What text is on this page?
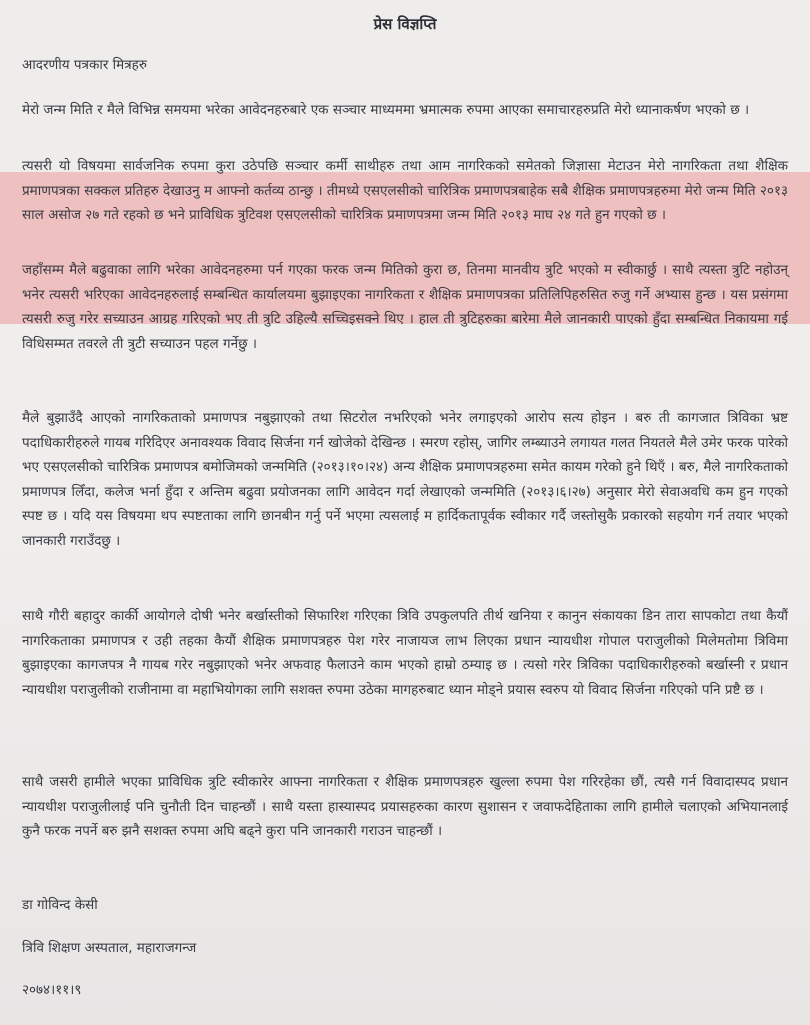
प्रेस विज्ञप्ति
आदरणीय पत्रकार मित्रहरु

मेरो जन्म मिति र मैले विभिन्न समयमा भरेका आवेदनहरुबारे एक सञ्चार माध्यममा भ्रमात्मक रुपमा आएका समाचारहरुप्रति मेरो ध्यानाकर्षण भएको छ ।

त्यसरी यो विषयमा सार्वजनिक रुपमा कुरा उठेपछि सञ्चार कर्मी साथीहरु तथा आम नागरिकको समेतको जिज्ञासा मेटाउन मेरो नागरिकता तथा शैक्षिक प्रमाणपत्रका सक्कल प्रतिहरु देखाउनु म आफ्नो कर्तव्य ठान्छु । तीमध्ये एसएलसीको चारित्रिक प्रमाणपत्रबाहेक सबै शैक्षिक प्रमाणपत्रहरुमा मेरो जन्म मिति २०१३ साल असोज २७ गते रहको छ भने प्राविधिक त्रुटिवश एसएलसीको चारित्रिक प्रमाणपत्रमा जन्म मिति २०१३ माघ २४ गते हुन गएको छ ।

जहाँसम्म मैले बढुवाका लागि भरेका आवेदनहरुमा पर्न गएका फरक जन्म मितिको कुरा छ, तिनमा मानवीय त्रुटि भएको म स्वीकार्छु । साथै त्यस्ता त्रुटि नहोउन् भनेर त्यसरी भरिएका आवेदनहरुलाई सम्बन्धित कार्यालयमा बुझाइएका नागरिकता र शैक्षिक प्रमाणपत्रका प्रतिलिपिहरुसित रुजु गर्ने अभ्यास हुन्छ । यस प्रसंगमा त्यसरी रुजु गरेर सच्याउन आग्रह गरिएको भए ती त्रुटि उहिल्यै सच्चिइसक्ने थिए । हाल ती त्रुटिहरुका बारेमा मैले जानकारी पाएको हुँदा सम्बन्धित निकायमा गई विधिसम्मत तवरले ती त्रुटी सच्याउन पहल गर्नेछु ।

मैले बुझाउँदै आएको नागरिकताको प्रमाणपत्र नबुझाएको तथा सिटरोल नभरिएको भनेर लगाइएको आरोप सत्य होइन । बरु ती कागजात त्रिविका भ्रष्ट पदाधिकारीहरुले गायब गरिदिएर अनावश्यक विवाद सिर्जना गर्न खोजेको देखिन्छ । स्मरण रहोस्, जागिर लम्ब्याउने लगायत गलत नियतले मैले उमेर फरक पारेको भए एसएलसीको चारित्रिक प्रमाणपत्र बमोजिमको जन्ममिति (२०१३।१०।२४) अन्य शैक्षिक प्रमाणपत्रहरुमा समेत कायम गरेको हुने थिएँ । बरु, मैले नागरिकताको प्रमाणपत्र लिँदा, कलेज भर्ना हुँदा र अन्तिम बढुवा प्रयोजनका लागि आवेदन गर्दा लेखाएको जन्ममिति (२०१३।६।२७) अनुसार मेरो सेवाअवधि कम हुन गएको स्पष्ट छ । यदि यस विषयमा थप स्पष्टताका लागि छानबीन गर्नु पर्ने भएमा त्यसलाई म हार्दिकतापूर्वक स्वीकार गर्दै जस्तोसुकै प्रकारको सहयोग गर्न तयार भएको जानकारी गराउँदछु ।

साथै गौरी बहादुर कार्की आयोगले दोषी भनेर बर्खास्तीको सिफारिश गरिएका त्रिवि उपकुलपति तीर्थ खनिया र कानुन संकायका डिन तारा सापकोटा तथा कैयौं नागरिकताका प्रमाणपत्र र उही तहका कैयौं शैक्षिक प्रमाणपत्रहरु पेश गरेर नाजायज लाभ लिएका प्रधान न्यायधीश गोपाल पराजुलीको मिलेमतोमा त्रिविमा बुझाइएका कागजपत्र नै गायब गरेर नबुझाएको भनेर अफवाह फैलाउने काम भएको हाम्रो ठम्याइ छ । त्यसो गरेर त्रिविका पदाधिकारीहरुको बर्खास्नी र प्रधान न्यायधीश पराजुलीको राजीनामा वा महाभियोगका लागि सशक्त रुपमा उठेका मागहरुबाट ध्यान मोड्ने प्रयास स्वरुप यो विवाद सिर्जना गरिएको पनि प्रष्टै छ ।

साथै जसरी हामीले भएका प्राविधिक त्रुटि स्वीकारेर आफ्ना नागरिकता र शैक्षिक प्रमाणपत्रहरु खुल्ला रुपमा पेश गरिरहेका छौं, त्यसै गर्न विवादास्पद प्रधान न्यायधीश पराजुलीलाई पनि चुनौती दिन चाहन्छौं । साथै यस्ता हास्यास्पद प्रयासहरुका कारण सुशासन र जवाफदेहिताका लागि हामीले चलाएको अभियानलाई कुनै फरक नपर्ने बरु झनै सशक्त रुपमा अघि बढ्ने कुरा पनि जानकारी गराउन चाहन्छौं ।

डा गोविन्द केसी
त्रिवि शिक्षण अस्पताल, महाराजगन्ज
२०७४।११।९
